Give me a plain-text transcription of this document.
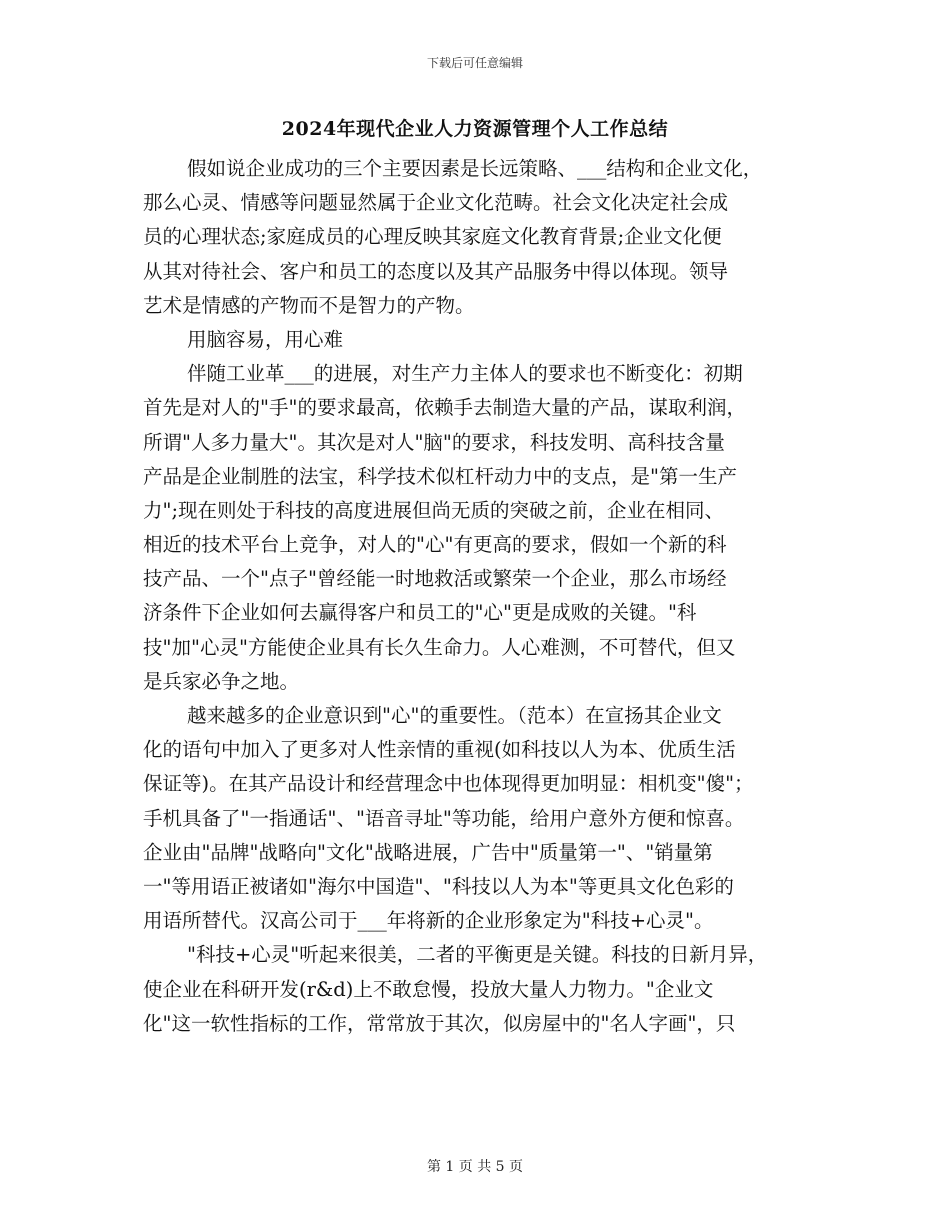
下载后可任意编辑
2024年现代企业人力资源管理个人工作总结
假如说企业成功的三个主要因素是长远策略、___结构和企业文化，
那么心灵、情感等问题显然属于企业文化范畴。社会文化决定社会成
员的心理状态;家庭成员的心理反映其家庭文化教育背景;企业文化便
从其对待社会、客户和员工的态度以及其产品服务中得以体现。领导
艺术是情感的产物而不是智力的产物。
用脑容易，用心难
伴随工业革___的进展，对生产力主体人的要求也不断变化：初期
首先是对人的"手"的要求最高，依赖手去制造大量的产品，谋取利润，
所谓"人多力量大"。其次是对人"脑"的要求，科技发明、高科技含量
产品是企业制胜的法宝，科学技术似杠杆动力中的支点，是"第一生产
力";现在则处于科技的高度进展但尚无质的突破之前，企业在相同、
相近的技术平台上竞争，对人的"心"有更高的要求，假如一个新的科
技产品、一个"点子"曾经能一时地救活或繁荣一个企业，那么市场经
济条件下企业如何去赢得客户和员工的"心"更是成败的关键。"科
技"加"心灵"方能使企业具有长久生命力。人心难测，不可替代，但又
是兵家必争之地。
越来越多的企业意识到"心"的重要性。（范本）在宣扬其企业文
化的语句中加入了更多对人性亲情的重视(如科技以人为本、优质生活
保证等)。在其产品设计和经营理念中也体现得更加明显：相机变"傻"；
手机具备了"一指通话"、"语音寻址"等功能，给用户意外方便和惊喜。
企业由"品牌"战略向"文化"战略进展，广告中"质量第一"、"销量第
一"等用语正被诸如"海尔中国造"、"科技以人为本"等更具文化色彩的
用语所替代。汉高公司于___年将新的企业形象定为"科技+心灵"。
"科技+心灵"听起来很美，二者的平衡更是关键。科技的日新月异，
使企业在科研开发(r&d)上不敢怠慢，投放大量人力物力。"企业文
化"这一软性指标的工作，常常放于其次，似房屋中的"名人字画"，只
第 1 页 共 5 页
